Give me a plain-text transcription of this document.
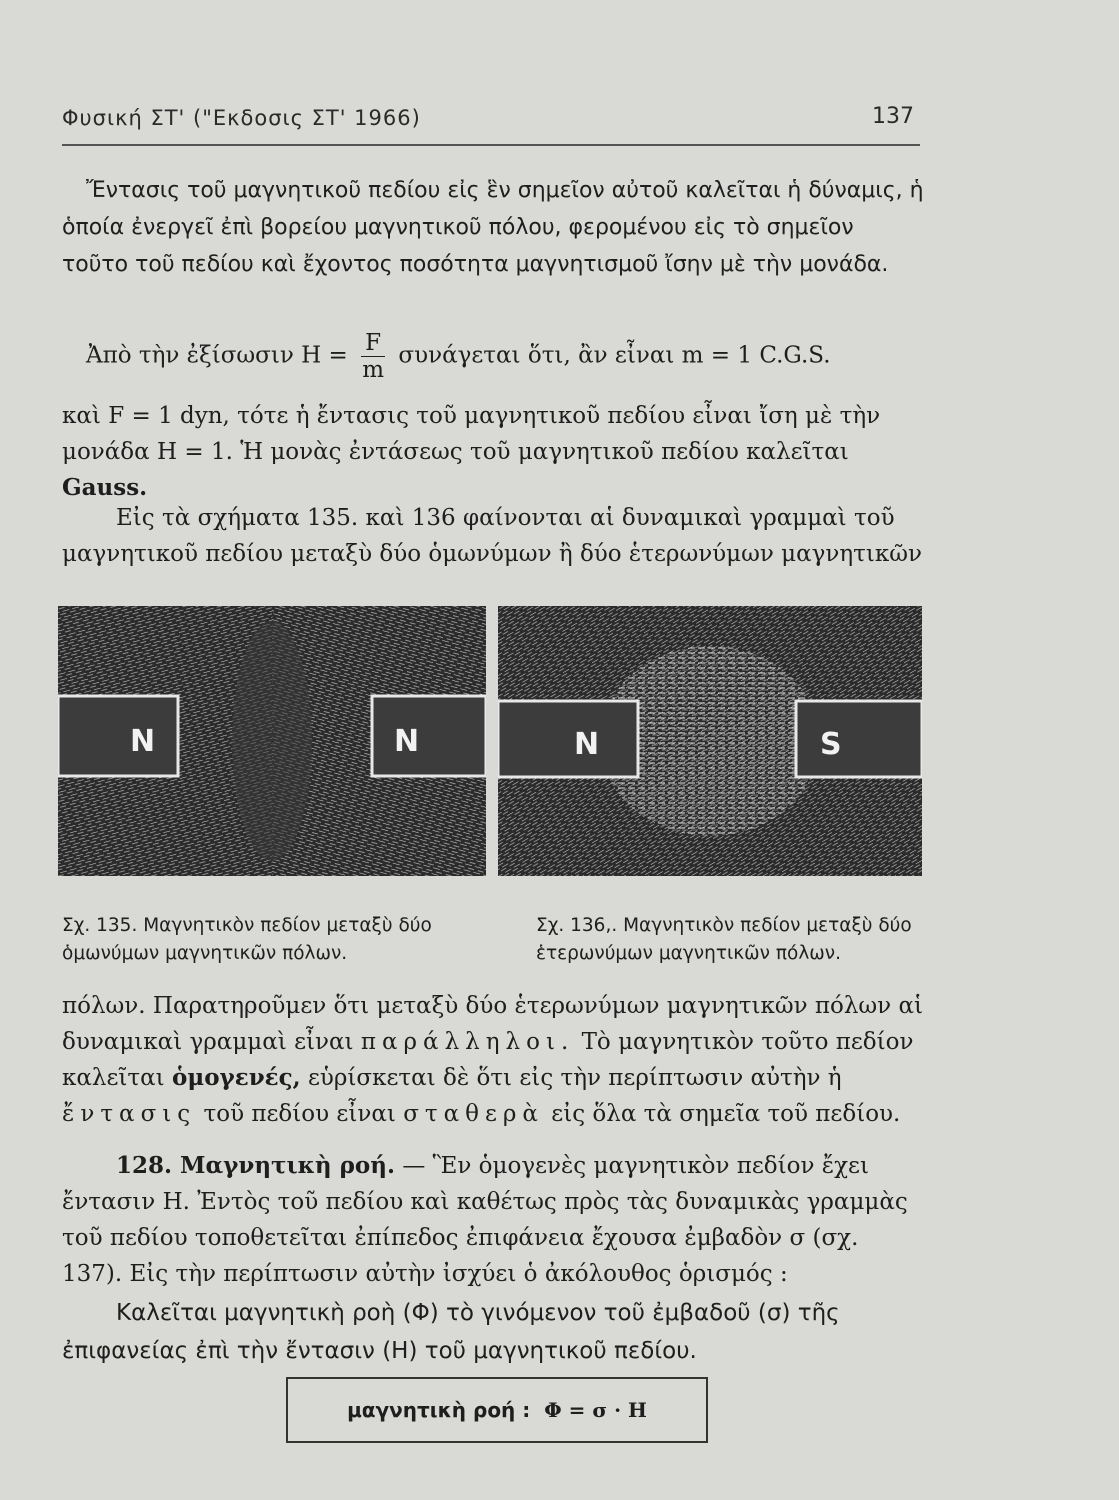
Φυσική ΣΤ' ("Εκδοσις ΣΤ' 1966)	137

Ἔντασις τοῦ μαγνητικοῦ πεδίου εἰς ἓν σημεῖον αὐτοῦ καλεῖται ἡ δύναμις, ἡ ὁποία ἐνεργεῖ ἐπὶ βορείου μαγνητικοῦ πόλου, φερομένου εἰς τὸ σημεῖον τοῦτο τοῦ πεδίου καὶ ἔχοντος ποσότητα μαγνητισμοῦ ἴσην μὲ τὴν μονάδα.

Ἀπὸ τὴν ἐξίσωσιν $H = \frac{F}{m}$ συνάγεται ὅτι, ἂν εἶναι m = 1 C.G.S.

καὶ F = 1 dyn, τότε ἡ ἔντασις τοῦ μαγνητικοῦ πεδίου εἶναι ἴση μὲ τὴν μονάδα H = 1. Ἡ μονὰς ἐντάσεως τοῦ μαγνητικοῦ πεδίου καλεῖται Gauss.

Εἰς τὰ σχήματα 135. καὶ 136 φαίνονται αἱ δυναμικαὶ γραμμαὶ τοῦ μαγνητικοῦ πεδίου μεταξὺ δύο ὁμωνύμων ἢ δύο ἑτερωνύμων μαγνητικῶν

N	N	N	S
Σχ. 135. Μαγνητικὸν πεδίον μεταξὺ δύο ὁμωνύμων μαγνητικῶν πόλων.
Σχ. 136,. Μαγνητικὸν πεδίον μεταξὺ δύο ἑτερωνύμων μαγνητικῶν πόλων.

πόλων. Παρατηροῦμεν ὅτι μεταξὺ δύο ἑτερωνύμων μαγνητικῶν πόλων αἱ δυναμικαὶ γραμμαὶ εἶναι παράλληλοι. Τὸ μαγνητικὸν τοῦτο πεδίον καλεῖται ὁμογενές, εὑρίσκεται δὲ ὅτι εἰς τὴν περίπτωσιν αὐτὴν ἡ ἔντασις τοῦ πεδίου εἶναι σταθερὰ εἰς ὅλα τὰ σημεῖα τοῦ πεδίου.

128. Μαγνητικὴ ροή. — Ἓν ὁμογενὲς μαγνητικὸν πεδίον ἔχει ἔντασιν H. Ἐντὸς τοῦ πεδίου καὶ καθέτως πρὸς τὰς δυναμικὰς γραμμὰς τοῦ πεδίου τοποθετεῖται ἐπίπεδος ἐπιφάνεια ἔχουσα ἐμβαδὸν σ (σχ. 137). Εἰς τὴν περίπτωσιν αὐτὴν ἰσχύει ὁ ἀκόλουθος ὁρισμός :

Καλεῖται μαγνητικὴ ροὴ (Φ) τὸ γινόμενον τοῦ ἐμβαδοῦ (σ) τῆς ἐπιφανείας ἐπὶ τὴν ἔντασιν (H) τοῦ μαγνητικοῦ πεδίου.

μαγνητικὴ ροή : Φ = σ · H
